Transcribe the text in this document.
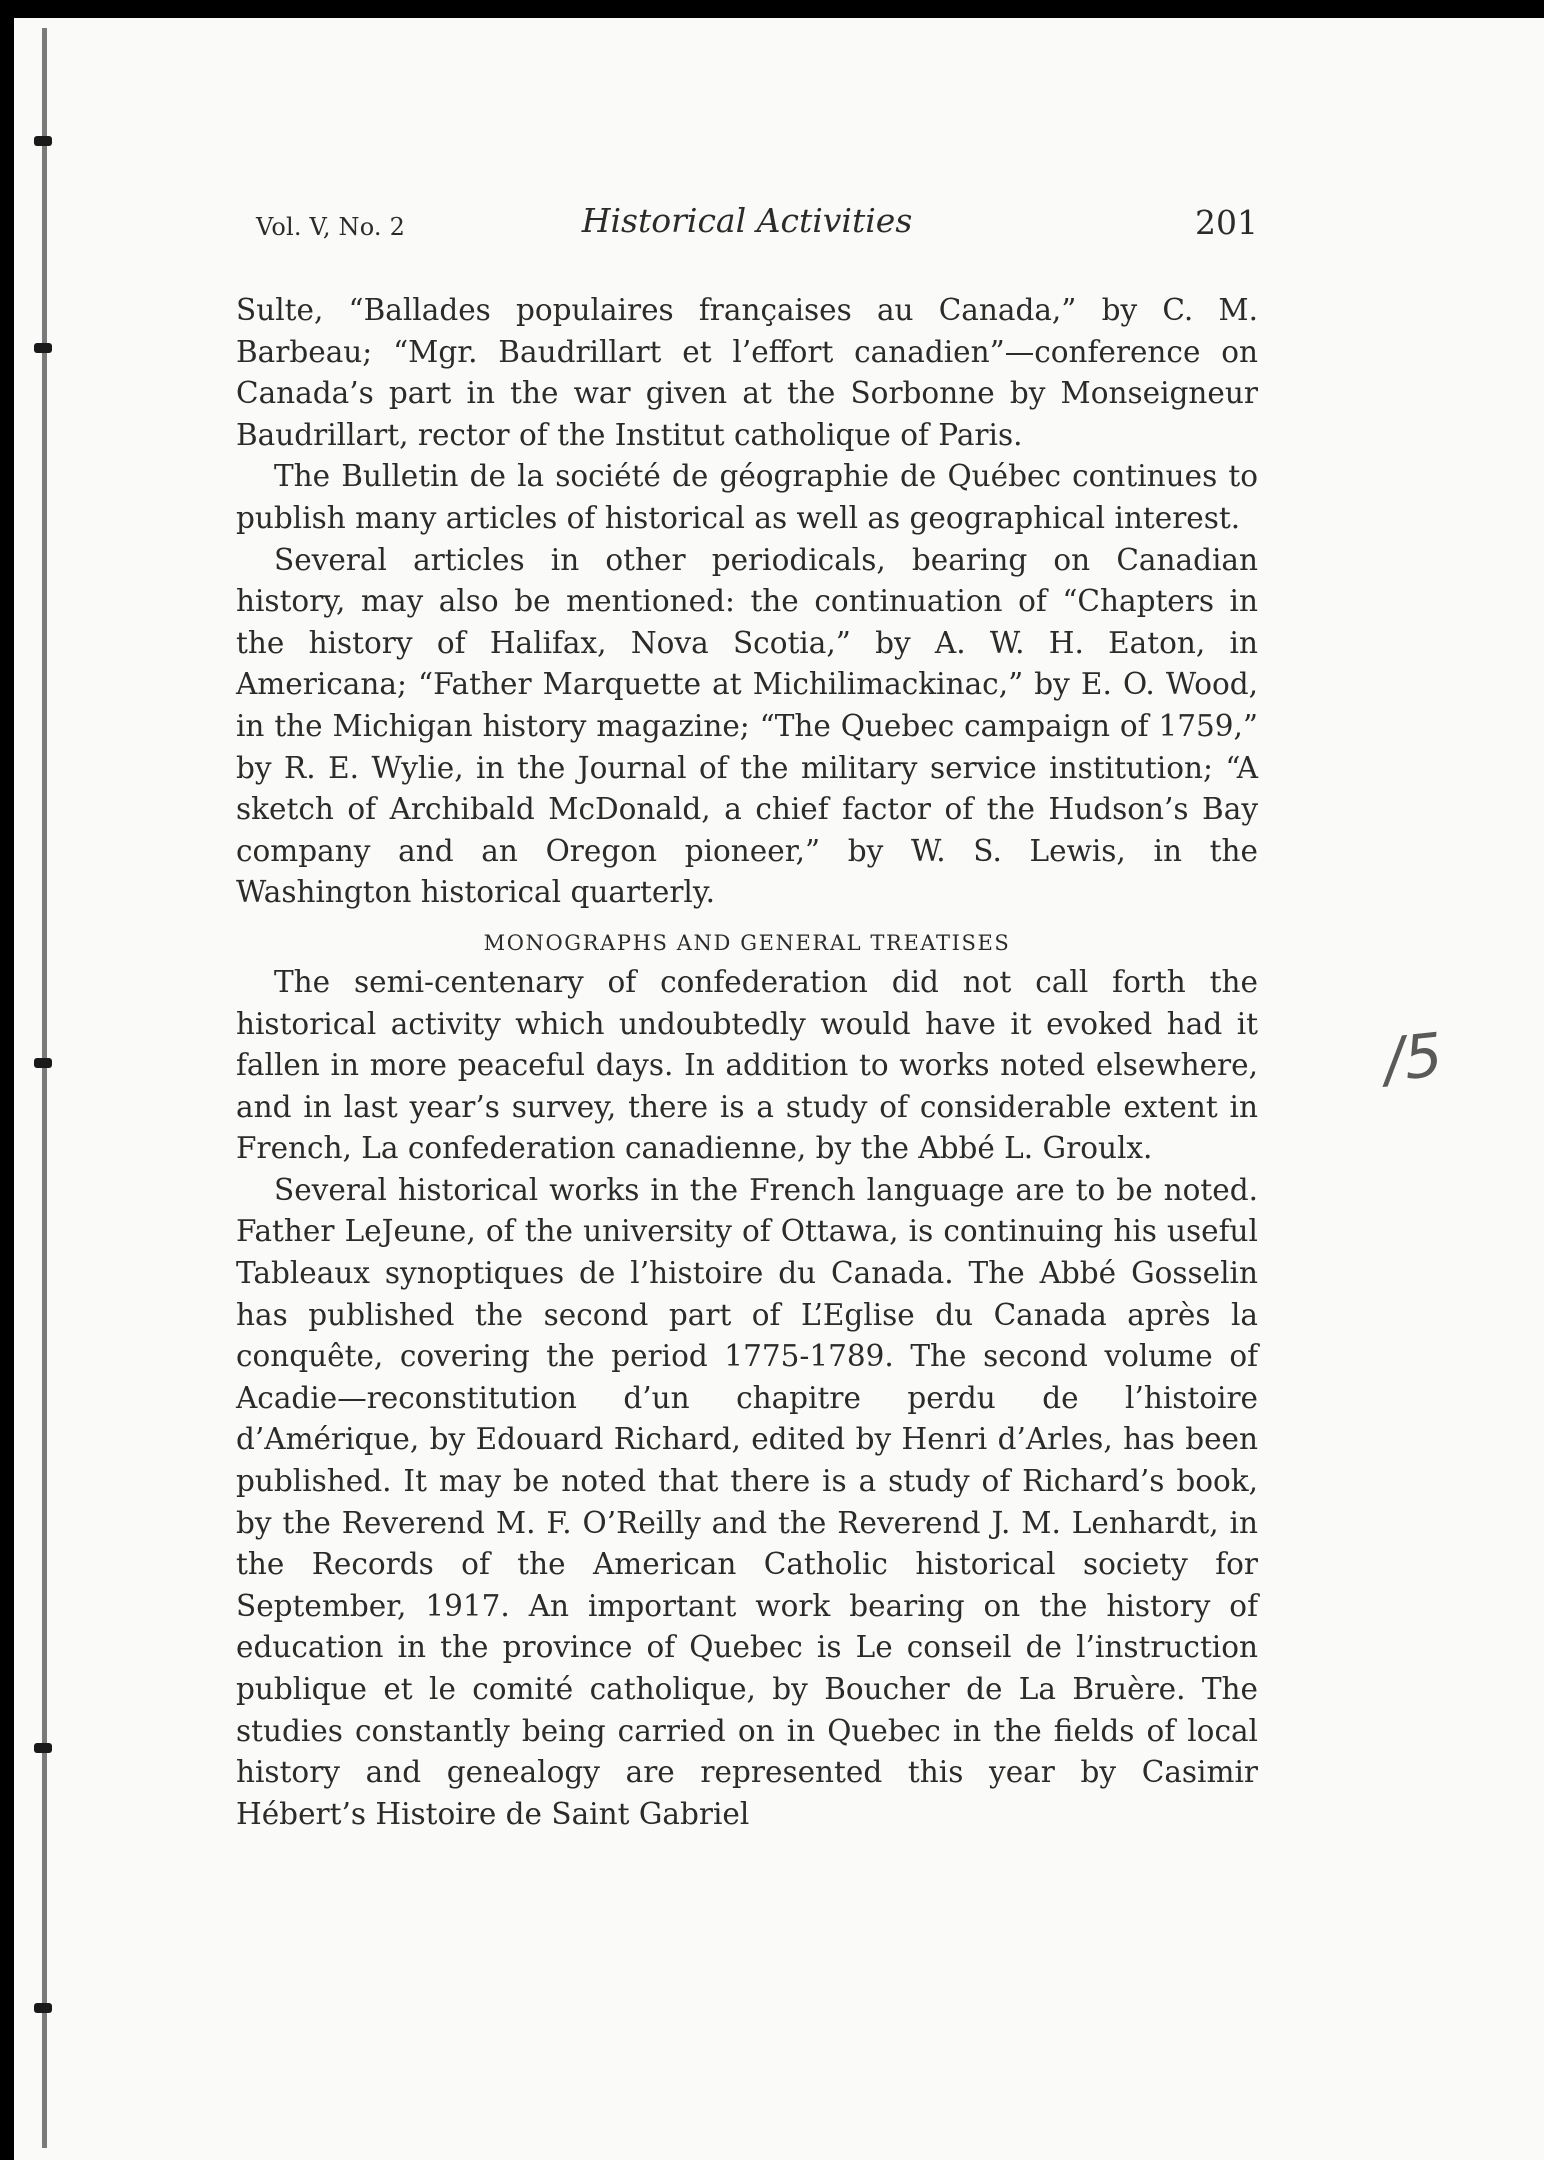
Vol. V, No. 2	Historical Activities	201

Sulte, “Ballades populaires françaises au Canada,” by C. M. Barbeau; “Mgr. Baudrillart et l’effort canadien”—conference on Canada’s part in the war given at the Sorbonne by Monseigneur Baudrillart, rector of the Institut catholique of Paris.

The Bulletin de la société de géographie de Québec continues to publish many articles of historical as well as geographical interest.

Several articles in other periodicals, bearing on Canadian history, may also be mentioned: the continuation of “Chapters in the history of Halifax, Nova Scotia,” by A. W. H. Eaton, in Americana; “Father Marquette at Michilimackinac,” by E. O. Wood, in the Michigan history magazine; “The Quebec campaign of 1759,” by R. E. Wylie, in the Journal of the military service institution; “A sketch of Archibald McDonald, a chief factor of the Hudson’s Bay company and an Oregon pioneer,” by W. S. Lewis, in the Washington historical quarterly.

MONOGRAPHS AND GENERAL TREATISES

The semi-centenary of confederation did not call forth the historical activity which undoubtedly would have it evoked had it fallen in more peaceful days. In addition to works noted elsewhere, and in last year’s survey, there is a study of considerable extent in French, La confederation canadienne, by the Abbé L. Groulx.

Several historical works in the French language are to be noted. Father LeJeune, of the university of Ottawa, is continuing his useful Tableaux synoptiques de l’histoire du Canada. The Abbé Gosselin has published the second part of L’Eglise du Canada après la conquête, covering the period 1775-1789. The second volume of Acadie—reconstitution d’un chapitre perdu de l’histoire d’Amérique, by Edouard Richard, edited by Henri d’Arles, has been published. It may be noted that there is a study of Richard’s book, by the Reverend M. F. O’Reilly and the Reverend J. M. Lenhardt, in the Records of the American Catholic historical society for September, 1917. An important work bearing on the history of education in the province of Quebec is Le conseil de l’instruction publique et le comité catholique, by Boucher de La Bruère. The studies constantly being carried on in Quebec in the fields of local history and genealogy are represented this year by Casimir Hébert’s Histoire de Saint Gabriel

/5
